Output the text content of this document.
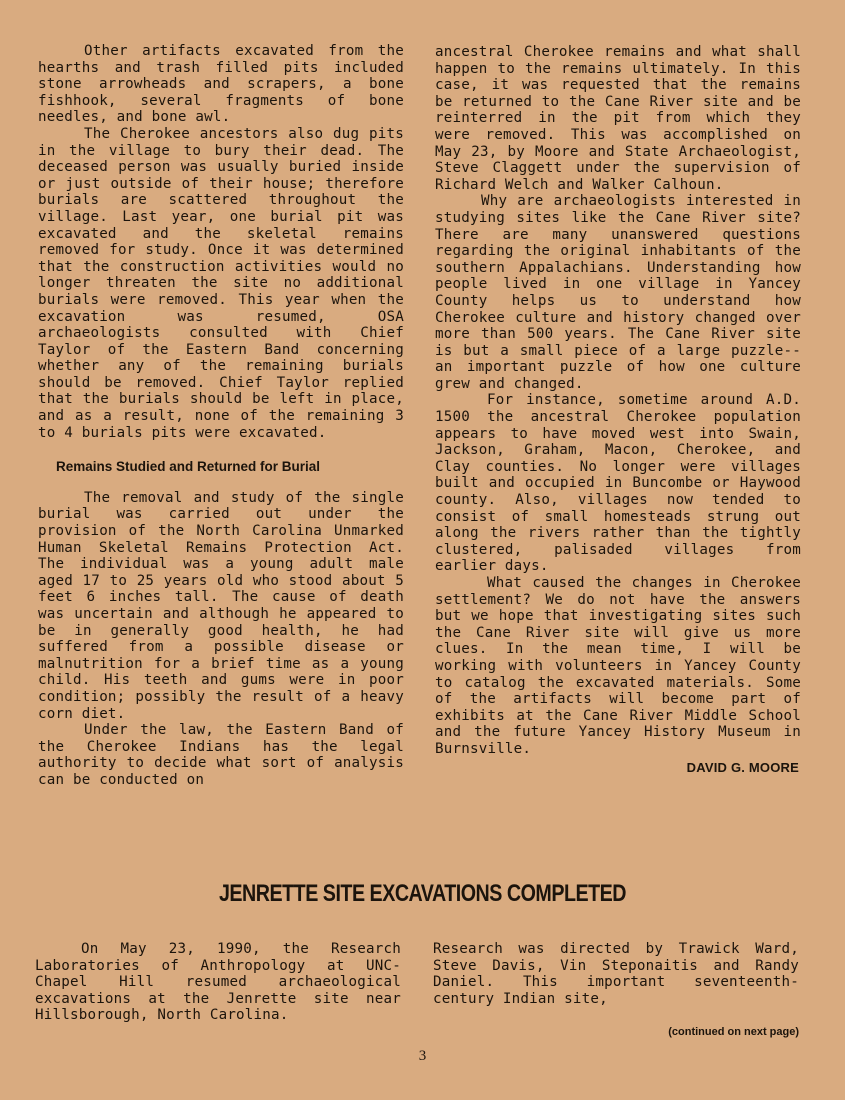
Other artifacts excavated from the hearths and trash filled pits included stone arrowheads and scrapers, a bone fishhook, several fragments of bone needles, and bone awl.

The Cherokee ancestors also dug pits in the village to bury their dead. The deceased person was usually buried inside or just outside of their house; therefore burials are scattered throughout the village. Last year, one burial pit was excavated and the skeletal remains removed for study. Once it was determined that the construction activities would no longer threaten the site no additional burials were removed. This year when the excavation was resumed, OSA archaeologists consulted with Chief Taylor of the Eastern Band concerning whether any of the remaining burials should be removed. Chief Taylor replied that the burials should be left in place, and as a result, none of the remaining 3 to 4 burials pits were excavated.

Remains Studied and Returned for Burial

The removal and study of the single burial was carried out under the provision of the North Carolina Unmarked Human Skeletal Remains Protection Act. The individual was a young adult male aged 17 to 25 years old who stood about 5 feet 6 inches tall. The cause of death was uncertain and although he appeared to be in generally good health, he had suffered from a possible disease or malnutrition for a brief time as a young child. His teeth and gums were in poor condition; possibly the result of a heavy corn diet.

Under the law, the Eastern Band of the Cherokee Indians has the legal authority to decide what sort of analysis can be conducted on

ancestral Cherokee remains and what shall happen to the remains ultimately. In this case, it was requested that the remains be returned to the Cane River site and be reinterred in the pit from which they were removed. This was accomplished on May 23, by Moore and State Archaeologist, Steve Claggett under the supervision of Richard Welch and Walker Calhoun.

Why are archaeologists interested in studying sites like the Cane River site? There are many unanswered questions regarding the original inhabitants of the southern Appalachians. Understanding how people lived in one village in Yancey County helps us to understand how Cherokee culture and history changed over more than 500 years. The Cane River site is but a small piece of a large puzzle--an important puzzle of how one culture grew and changed.

For instance, sometime around A.D. 1500 the ancestral Cherokee population appears to have moved west into Swain, Jackson, Graham, Macon, Cherokee, and Clay counties. No longer were villages built and occupied in Buncombe or Haywood county. Also, villages now tended to consist of small homesteads strung out along the rivers rather than the tightly clustered, palisaded villages from earlier days.

What caused the changes in Cherokee settlement? We do not have the answers but we hope that investigating sites such the Cane River site will give us more clues. In the mean time, I will be working with volunteers in Yancey County to catalog the excavated materials. Some of the artifacts will become part of exhibits at the Cane River Middle School and the future Yancey History Museum in Burnsville.

DAVID G. MOORE

JENRETTE SITE EXCAVATIONS COMPLETED

On May 23, 1990, the Research Laboratories of Anthropology at UNC-Chapel Hill resumed archaeological excavations at the Jenrette site near Hillsborough, North Carolina.

Research was directed by Trawick Ward, Steve Davis, Vin Steponaitis and Randy Daniel. This important seventeenth-century Indian site,

(continued on next page)
3
